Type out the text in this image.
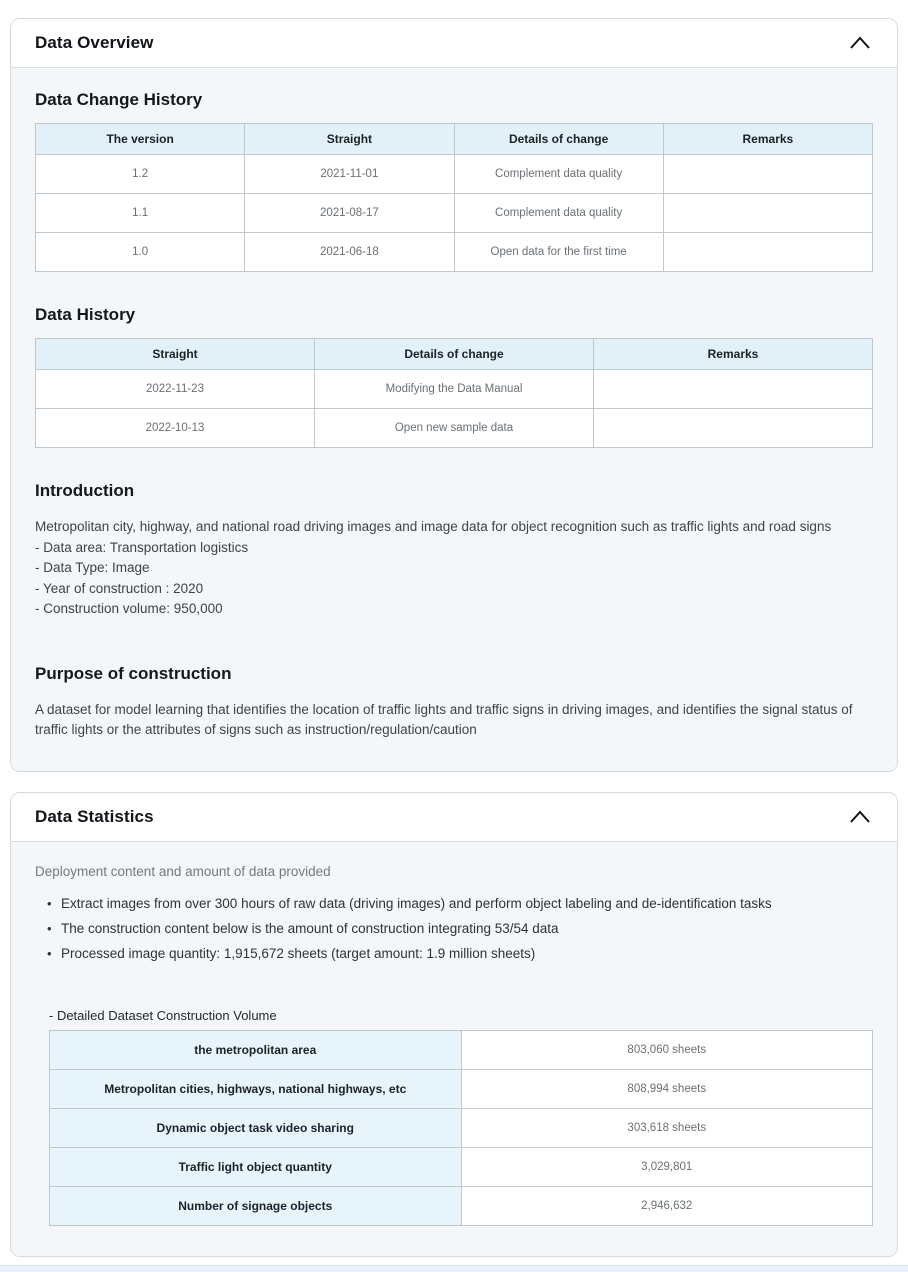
Data Overview
Data Change History
The version	Straight	Details of change	Remarks
1.2	2021-11-01	Complement data quality	
1.1	2021-08-17	Complement data quality	
1.0	2021-06-18	Open data for the first time	
Data History
Straight	Details of change	Remarks
2022-11-23	Modifying the Data Manual	
2022-10-13	Open new sample data	
Introduction
Metropolitan city, highway, and national road driving images and image data for object recognition such as traffic lights and road signs
- Data area: Transportation logistics
- Data Type: Image
- Year of construction : 2020
- Construction volume: 950,000
Purpose of construction

A dataset for model learning that identifies the location of traffic lights and traffic signs in driving images, and identifies the signal status of traffic lights or the attributes of signs such as instruction/regulation/caution

Data Statistics
Deployment content and amount of data provided
• Extract images from over 300 hours of raw data (driving images) and perform object labeling and de-identification tasks
• The construction content below is the amount of construction integrating 53/54 data
• Processed image quantity: 1,915,672 sheets (target amount: 1.9 million sheets)
- Detailed Dataset Construction Volume
the metropolitan area	803,060 sheets
Metropolitan cities, highways, national highways, etc	808,994 sheets
Dynamic object task video sharing	303,618 sheets
Traffic light object quantity	3,029,801
Number of signage objects	2,946,632
